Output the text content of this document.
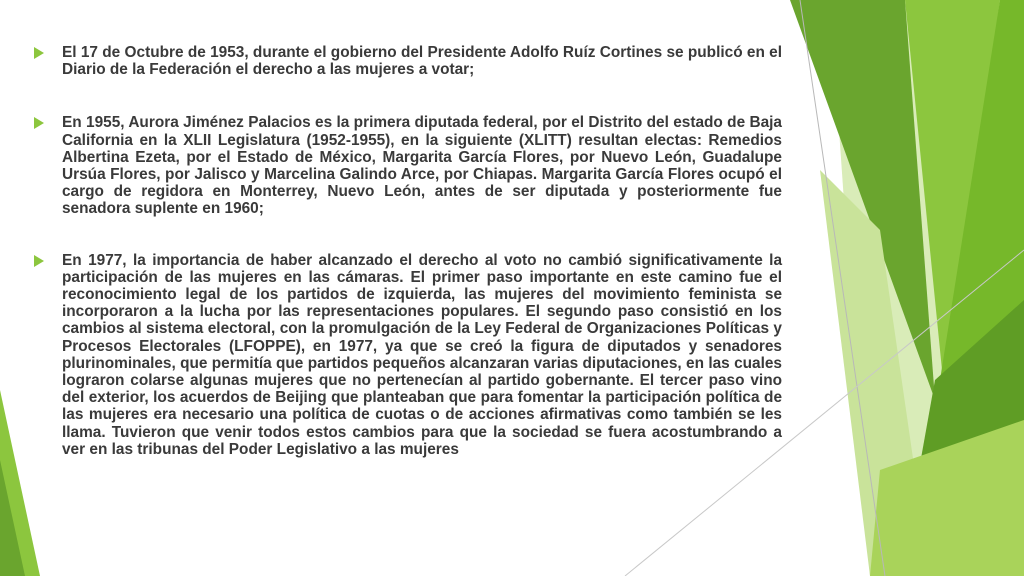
El 17 de Octubre de 1953, durante el gobierno del Presidente Adolfo Ruíz Cortines se publicó en el Diario de la Federación el derecho a las mujeres a votar;

En 1955, Aurora Jiménez Palacios es la primera diputada federal, por el Distrito del estado de Baja California en la XLII Legislatura (1952-1955), en la siguiente (XLITT) resultan electas: Remedios Albertina Ezeta, por el Estado de México, Margarita García Flores, por Nuevo León, Guadalupe Ursúa Flores, por Jalisco y Marcelina Galindo Arce, por Chiapas. Margarita García Flores ocupó el cargo de regidora en Monterrey, Nuevo León, antes de ser diputada y posteriormente fue senadora suplente en 1960;

En 1977, la importancia de haber alcanzado el derecho al voto no cambió significativamente la participación de las mujeres en las cámaras. El primer paso importante en este camino fue el reconocimiento legal de los partidos de izquierda, las mujeres del movimiento feminista se incorporaron a la lucha por las representaciones populares. El segundo paso consistió en los cambios al sistema electoral, con la promulgación de la Ley Federal de Organizaciones Políticas y Procesos Electorales (LFOPPE), en 1977, ya que se creó la figura de diputados y senadores plurinominales, que permitía que partidos pequeños alcanzaran varias diputaciones, en las cuales lograron colarse algunas mujeres que no pertenecían al partido gobernante. El tercer paso vino del exterior, los acuerdos de Beijing que planteaban que para fomentar la participación política de las mujeres era necesario una política de cuotas o de acciones afirmativas como también se les llama. Tuvieron que venir todos estos cambios para que la sociedad se fuera acostumbrando a ver en las tribunas del Poder Legislativo a las mujeres
